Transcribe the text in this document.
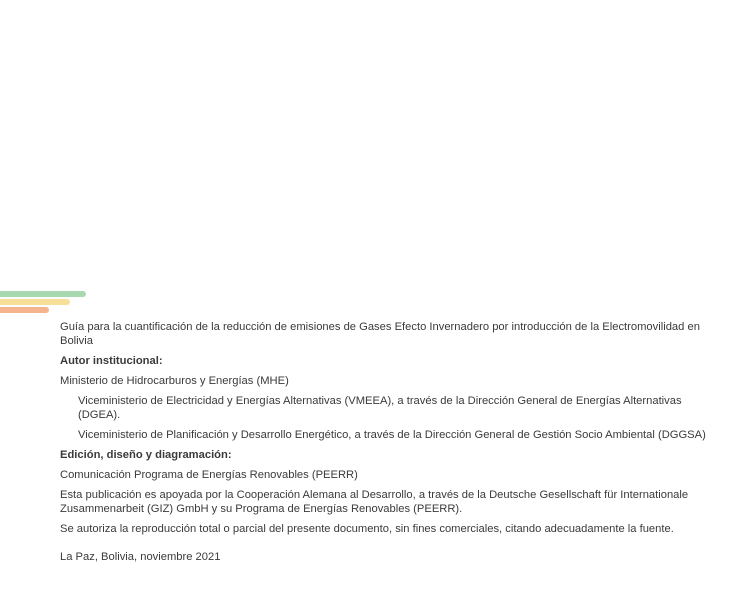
Guía para la cuantificación de la reducción de emisiones de Gases Efecto Invernadero por introducción de la Electromovilidad en Bolivia

Autor institucional:

Ministerio de Hidrocarburos y Energías (MHE)

Viceministerio de Electricidad y Energías Alternativas (VMEEA), a través de la Dirección General de Energías Alternativas (DGEA).

Viceministerio de Planificación y Desarrollo Energético, a través de la Dirección General de Gestión Socio Ambiental (DGGSA)

Edición, diseño y diagramación:

Comunicación Programa de Energías Renovables (PEERR)

Esta publicación es apoyada por la Cooperación Alemana al Desarrollo, a través de la Deutsche Gesellschaft für Internationale Zusammenarbeit (GIZ) GmbH y su Programa de Energías Renovables (PEERR).

Se autoriza la reproducción total o parcial del presente documento, sin fines comerciales, citando adecuadamente la fuente.

La Paz, Bolivia, noviembre 2021
